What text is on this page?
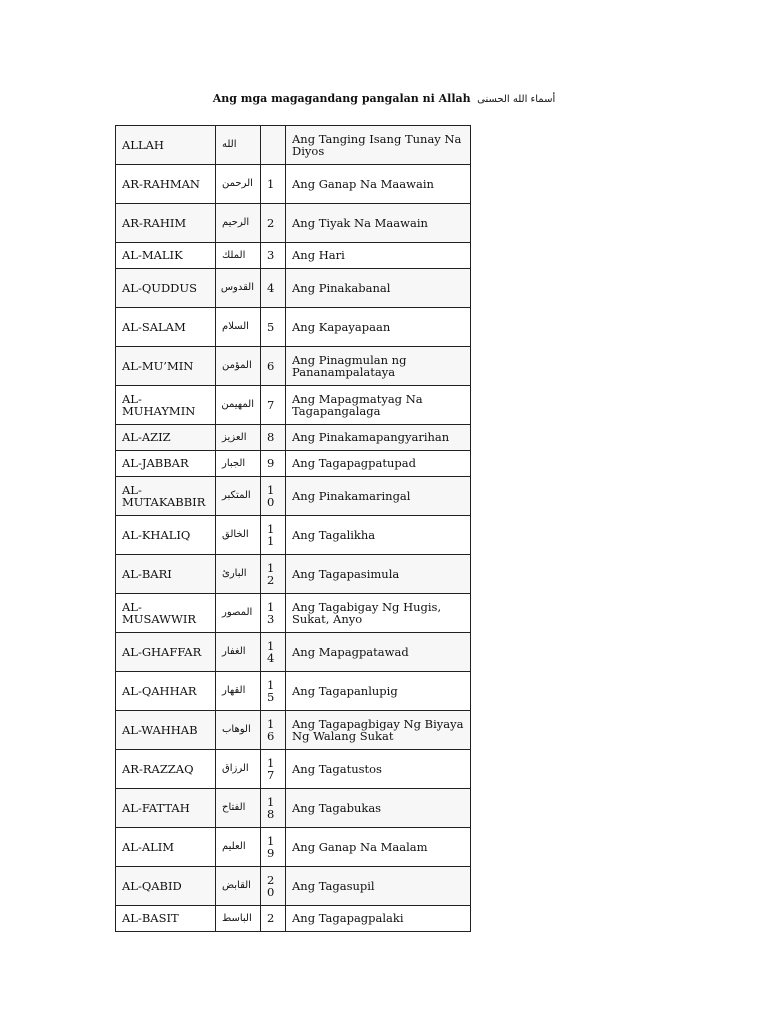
Ang mga magagandang pangalan ni Allah أسماء الله الحسنى
ALLAH	الله		Ang Tanging Isang Tunay Na Diyos
AR-RAHMAN	الرحمن	1	Ang Ganap Na Maawain
AR-RAHIM	الرحيم	2	Ang Tiyak Na Maawain
AL-MALIK	الملك	3	Ang Hari
AL-QUDDUS	القدوس	4	Ang Pinakabanal
AL-SALAM	السلام	5	Ang Kapayapaan
AL-MU’MIN	المؤمن	6	Ang Pinagmulan ng Pananampalataya
AL-MUHAYMIN	المهيمن	7	Ang Mapagmatyag Na Tagapangalaga
AL-AZIZ	العزيز	8	Ang Pinakamapangyarihan
AL-JABBAR	الجبار	9	Ang Tagapagpatupad
AL-MUTAKABBIR	المتكبر	10	Ang Pinakamaringal
AL-KHALIQ	الخالق	11	Ang Tagalikha
AL-BARI	البارئ	12	Ang Tagapasimula
AL-MUSAWWIR	المصور	13	Ang Tagabigay Ng Hugis, Sukat, Anyo
AL-GHAFFAR	الغفار	14	Ang Mapagpatawad
AL-QAHHAR	القهار	15	Ang Tagapanlupig
AL-WAHHAB	الوهاب	16	Ang Tagapagbigay Ng Biyaya Ng Walang Sukat
AR-RAZZAQ	الرزاق	17	Ang Tagatustos
AL-FATTAH	الفتاح	18	Ang Tagabukas
AL-ALIM	العليم	19	Ang Ganap Na Maalam
AL-QABID	القابض	20	Ang Tagasupil
AL-BASIT	الباسط	2	Ang Tagapagpalaki
